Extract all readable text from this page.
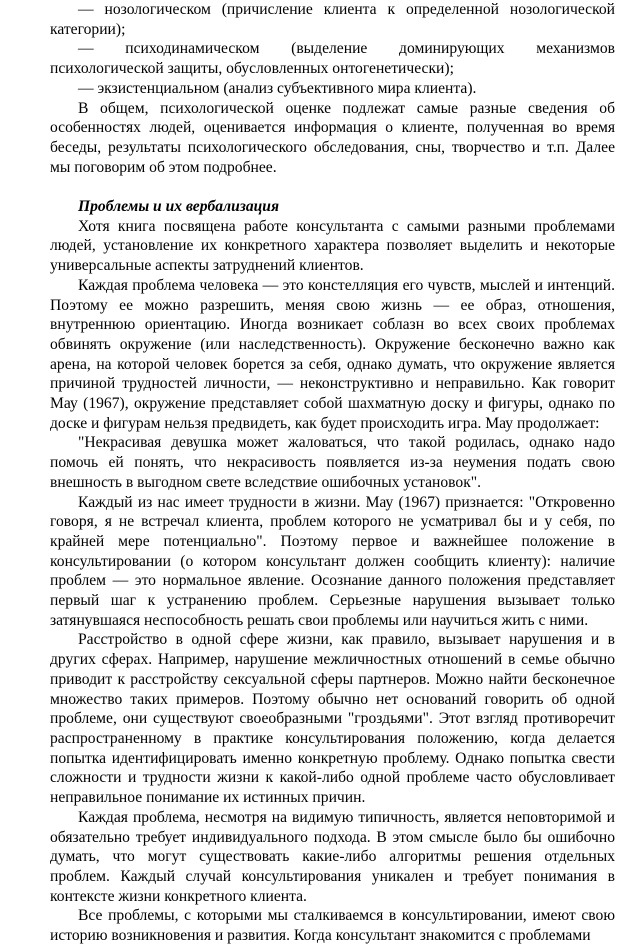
— нозологическом (причисление клиента к определенной нозологической категории);

— психодинамическом (выделение доминирующих механизмов психологической защиты, обусловленных онтогенетически);

— экзистенциальном (анализ субъективного мира клиента).

В общем, психологической оценке подлежат самые разные сведения об особенностях людей, оценивается информация о клиенте, полученная во время беседы, результаты психологического обследования, сны, творчество и т.п. Далее мы поговорим об этом подробнее.

Проблемы и их вербализация

Хотя книга посвящена работе консультанта с самыми разными проблемами людей, установление их конкретного характера позволяет выделить и некоторые универсальные аспекты затруднений клиентов.

Каждая проблема человека — это констелляция его чувств, мыслей и интенций. Поэтому ее можно разрешить, меняя свою жизнь — ее образ, отношения, внутреннюю ориентацию. Иногда возникает соблазн во всех своих проблемах обвинять окружение (или наследственность). Окружение бесконечно важно как арена, на которой человек борется за себя, однако думать, что окружение является причиной трудностей личности, — неконструктивно и неправильно. Как говорит Мау (1967), окружение представляет собой шахматную доску и фигуры, однако по доске и фигурам нельзя предвидеть, как будет происходить игра. Мау продолжает:

"Некрасивая девушка может жаловаться, что такой родилась, однако надо помочь ей понять, что некрасивость появляется из-за неумения подать свою внешность в выгодном свете вследствие ошибочных установок".

Каждый из нас имеет трудности в жизни. Мау (1967) признается: "Откровенно говоря, я не встречал клиента, проблем которого не усматривал бы и у себя, по крайней мере потенциально". Поэтому первое и важнейшее положение в консультировании (о котором консультант должен сообщить клиенту): наличие проблем — это нормальное явление. Осознание данного положения представляет первый шаг к устранению проблем. Серьезные нарушения вызывает только затянувшаяся неспособность решать свои проблемы или научиться жить с ними.

Расстройство в одной сфере жизни, как правило, вызывает нарушения и в других сферах. Например, нарушение межличностных отношений в семье обычно приводит к расстройству сексуальной сферы партнеров. Можно найти бесконечное множество таких примеров. Поэтому обычно нет оснований говорить об одной проблеме, они существуют своеобразными "гроздьями". Этот взгляд противоречит распространенному в практике консультирования положению, когда делается попытка идентифицировать именно конкретную проблему. Однако попытка свести сложности и трудности жизни к какой-либо одной проблеме часто обусловливает неправильное понимание их истинных причин.

Каждая проблема, несмотря на видимую типичность, является неповторимой и обязательно требует индивидуального подхода. В этом смысле было бы ошибочно думать, что могут существовать какие-либо алгоритмы решения отдельных проблем. Каждый случай консультирования уникален и требует понимания в контексте жизни конкретного клиента.

Все проблемы, с которыми мы сталкиваемся в консультировании, имеют свою историю возникновения и развития. Когда консультант знакомится с проблемами
